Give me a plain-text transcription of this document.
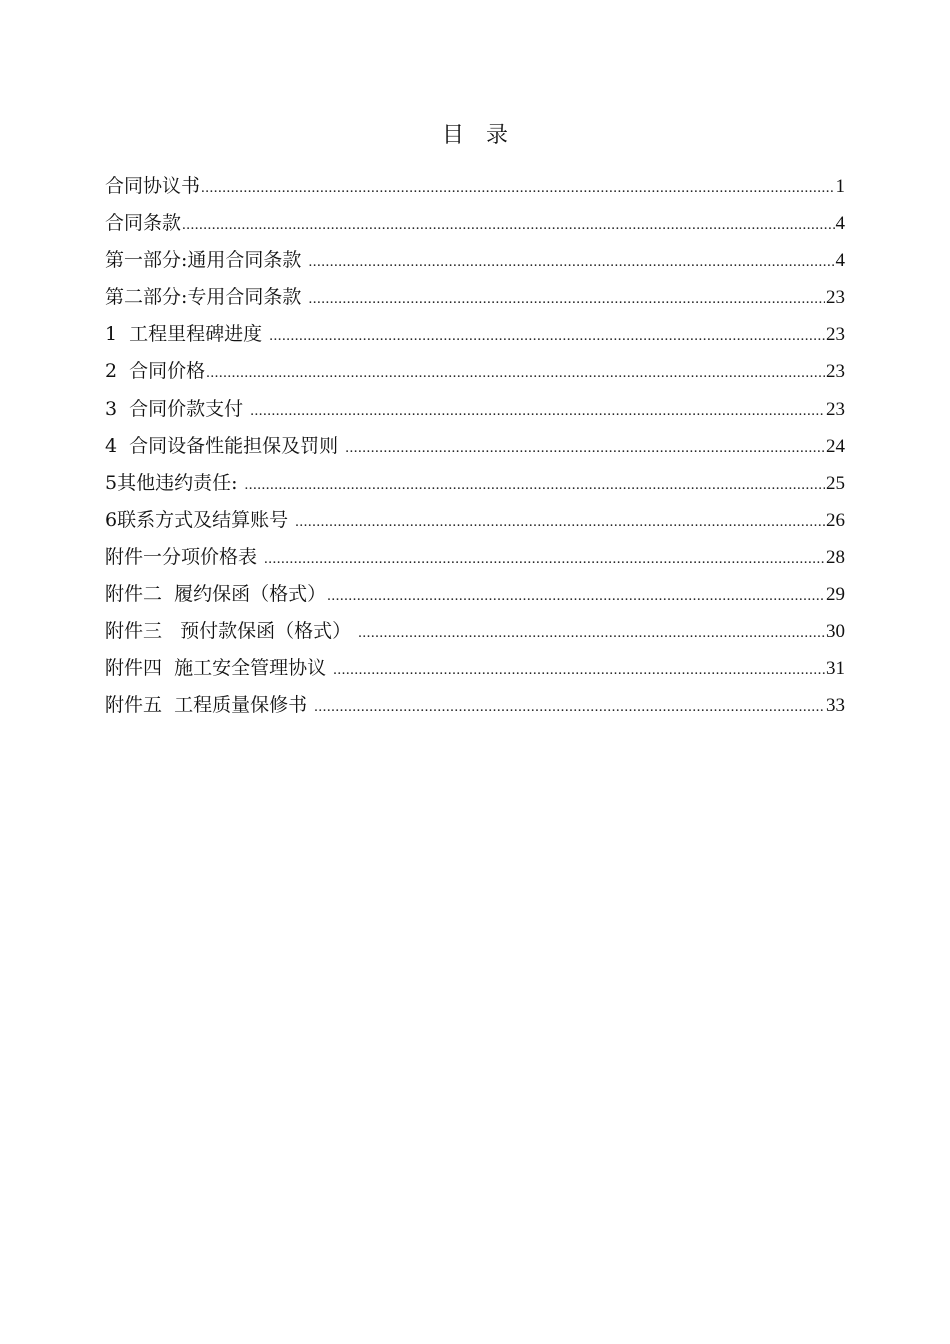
目　录
合同协议书 .....	1
合同条款 .....	4
第一部分:通用合同条款 .....	4
第二部分:专用合同条款 .....	23
1  工程里程碑进度 .....	23
2  合同价格 .....	23
3  合同价款支付 .....	23
4  合同设备性能担保及罚则 .....	24
5其他违约责任: .....	25
6联系方式及结算账号 .....	26
附件一分项价格表 .....	28
附件二  履约保函（格式） .....	29
附件三   预付款保函（格式） .....	30
附件四  施工安全管理协议 .....	31
附件五  工程质量保修书 .....	33
